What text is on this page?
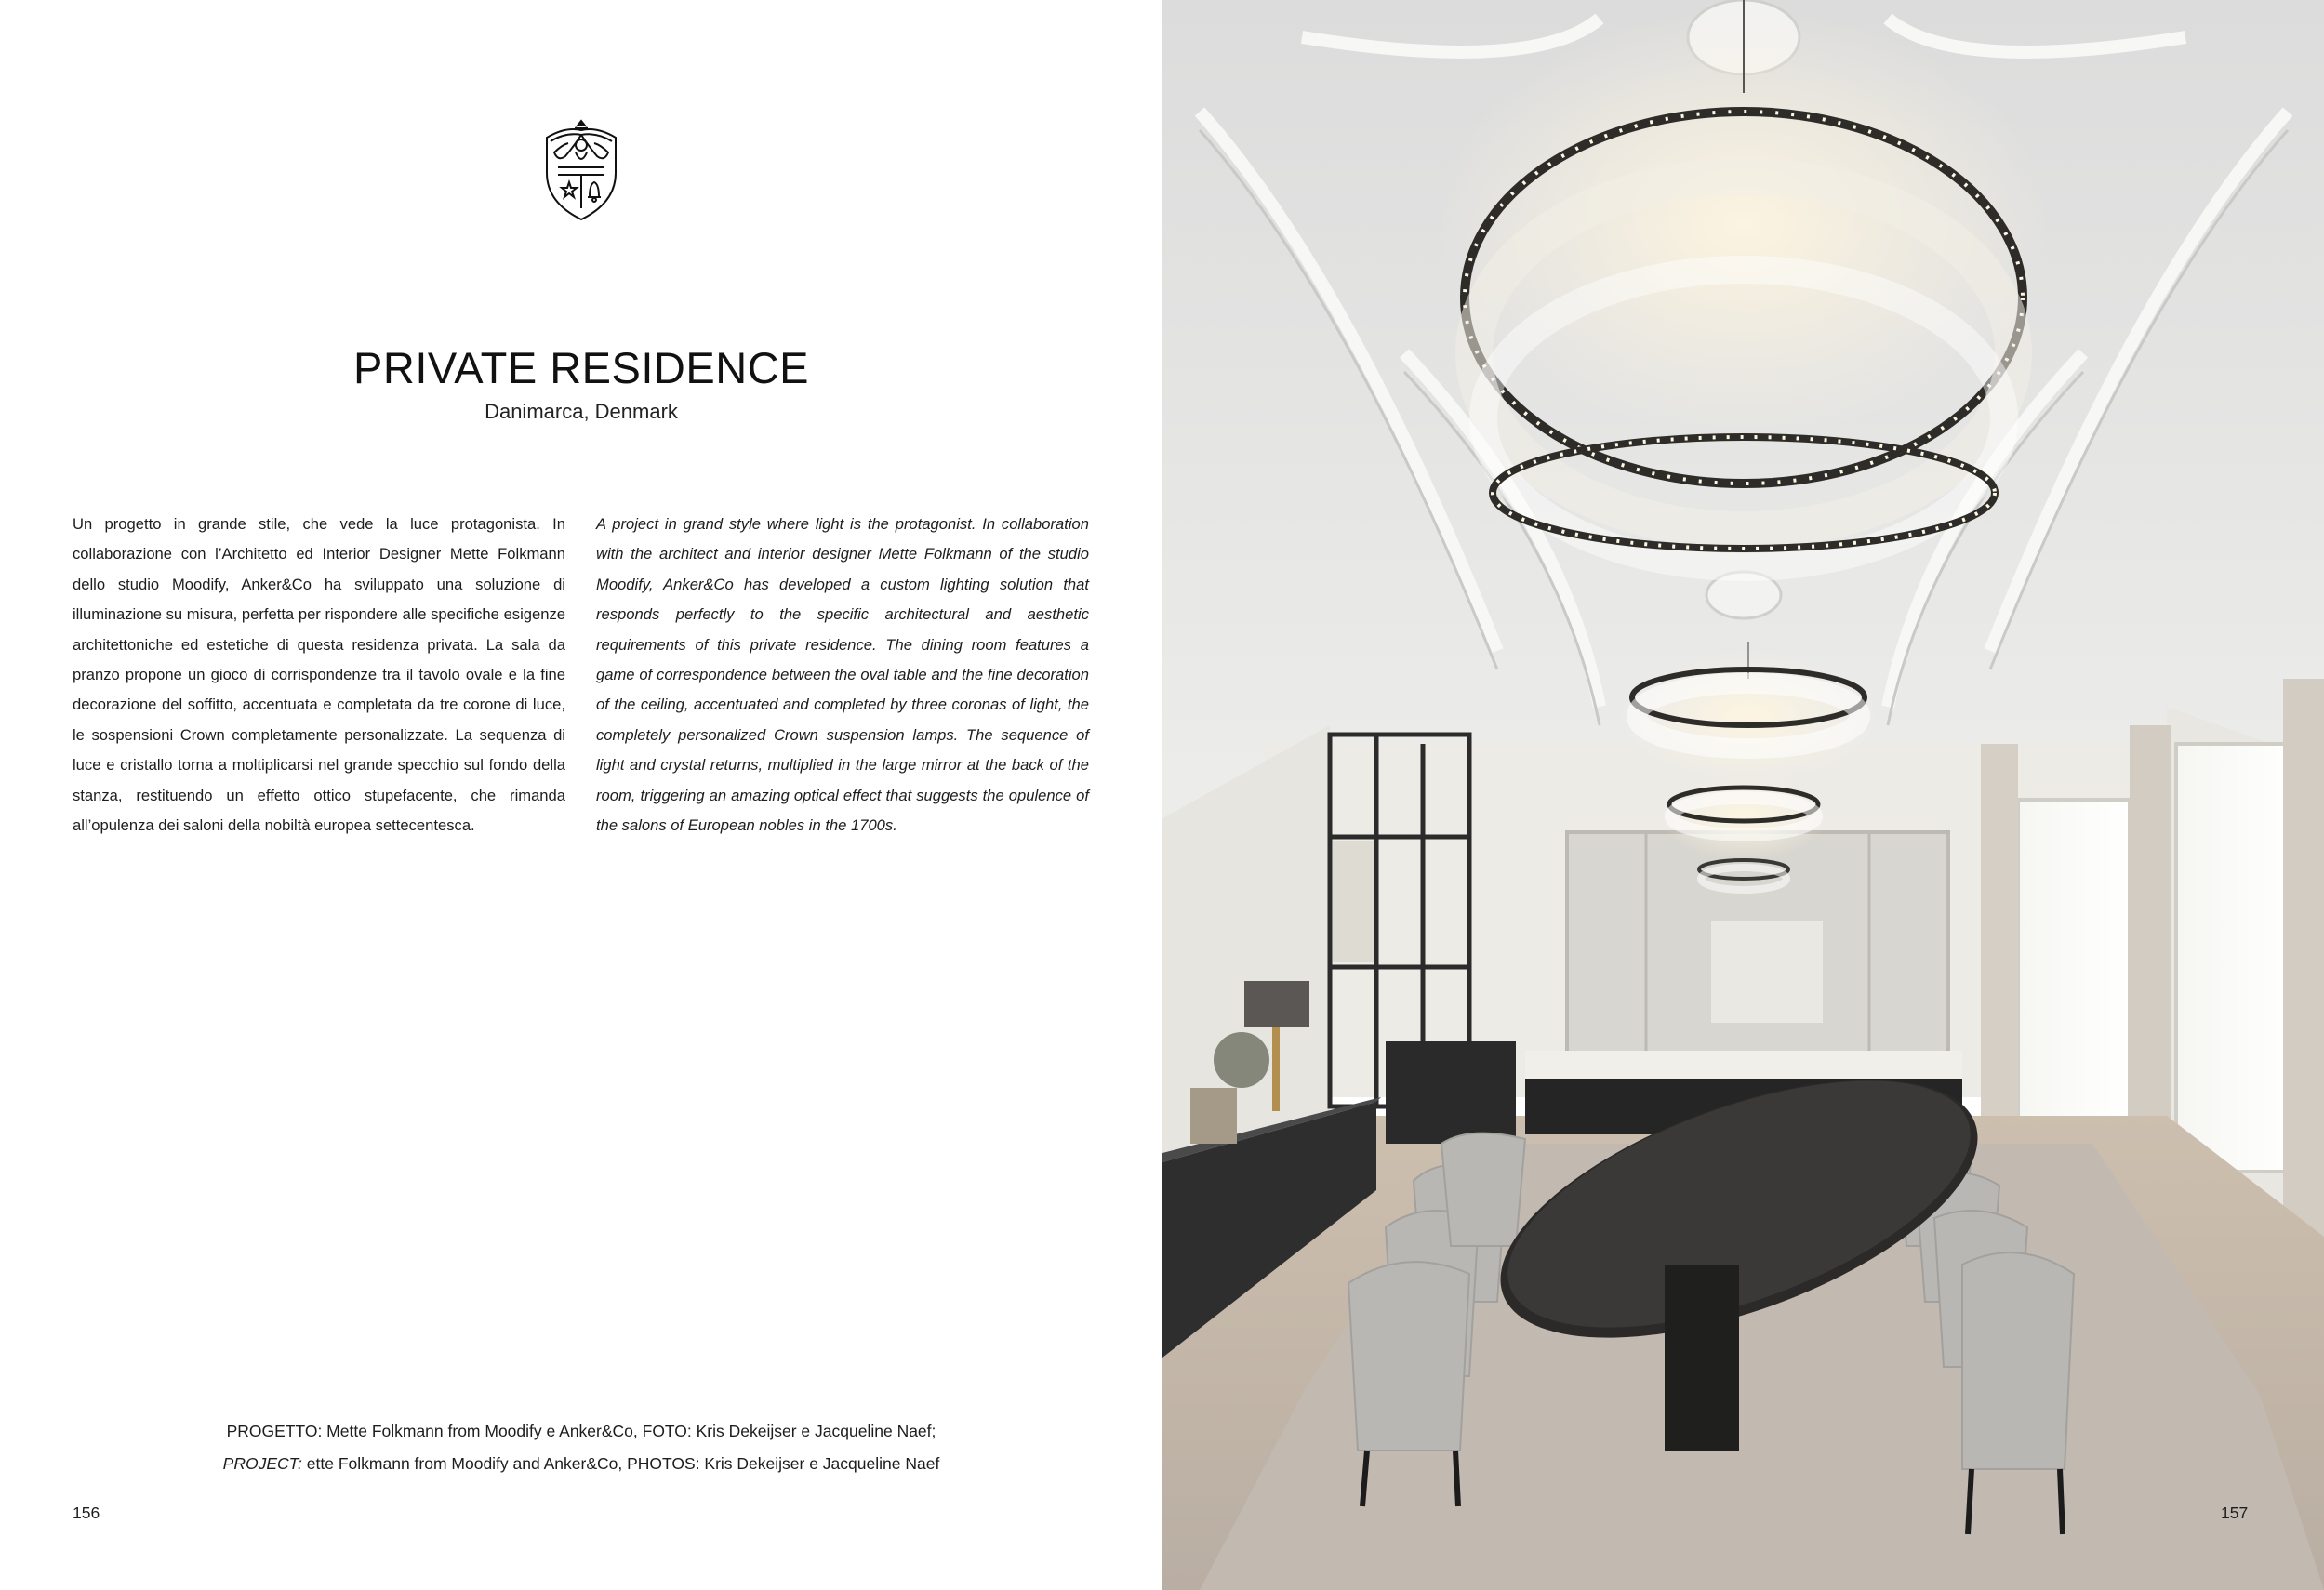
PRIVATE RESIDENCE
Danimarca, Denmark
Un progetto in grande stile, che vede la luce protagonista. In collaborazione con l’Architetto ed Interior Designer Mette Folkmann dello studio Moodify, Anker&Co ha sviluppato una soluzione di illuminazione su misura, perfetta per rispondere alle specifiche esigenze architettoniche ed estetiche di questa residenza privata. La sala da pranzo propone un gioco di corrispondenze tra il tavolo ovale e la fine decorazione del soffitto, accentuata e completata da tre corone di luce, le sospensioni Crown completamente personalizzate. La sequenza di luce e cristallo torna a moltiplicarsi nel grande specchio sul fondo della stanza, restituendo un effetto ottico stupefacente, che rimanda all’opulenza dei saloni della nobiltà europea settecentesca.
A project in grand style where light is the protagonist. In collaboration with the architect and interior designer Mette Folkmann of the studio Moodify, Anker&Co has developed a custom lighting solution that responds perfectly to the specific architectural and aesthetic requirements of this private residence. The dining room features a game of correspondence between the oval table and the fine decoration of the ceiling, accentuated and completed by three coronas of light, the completely personalized Crown suspension lamps. The sequence of light and crystal returns, multiplied in the large mirror at the back of the room, triggering an amazing optical effect that suggests the opulence of the salons of European nobles in the 1700s.
PROGETTO: Mette Folkmann from Moodify e Anker&Co, FOTO: Kris Dekeijser e Jacqueline Naef;
PROJECT: ette Folkmann from Moodify and Anker&Co, PHOTOS: Kris Dekeijser e Jacqueline Naef
156	157
